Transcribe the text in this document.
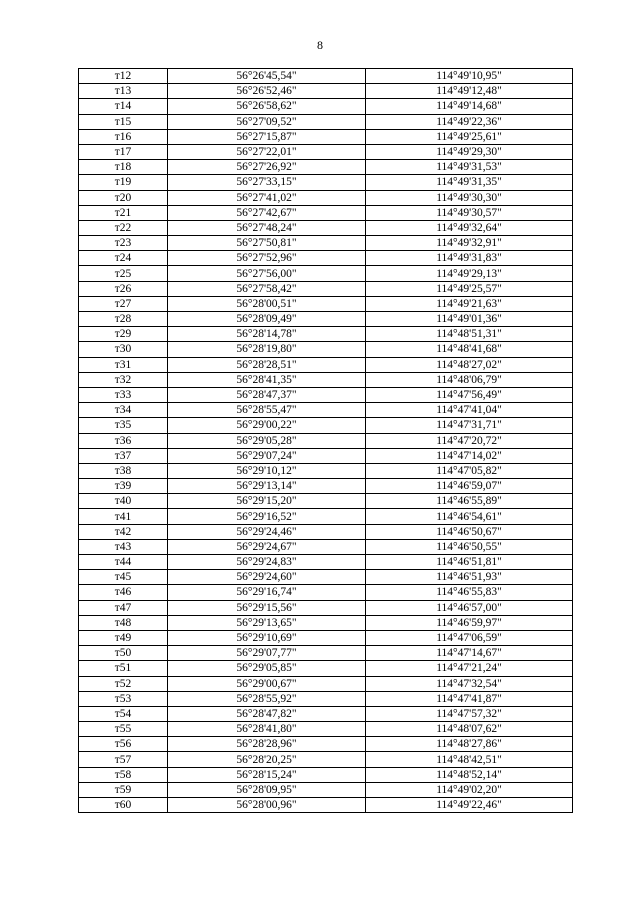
8
т12	56°26'45,54"	114°49'10,95"
т13	56°26'52,46"	114°49'12,48"
т14	56°26'58,62"	114°49'14,68"
т15	56°27'09,52"	114°49'22,36"
т16	56°27'15,87"	114°49'25,61"
т17	56°27'22,01"	114°49'29,30"
т18	56°27'26,92"	114°49'31,53"
т19	56°27'33,15"	114°49'31,35"
т20	56°27'41,02"	114°49'30,30"
т21	56°27'42,67"	114°49'30,57"
т22	56°27'48,24"	114°49'32,64"
т23	56°27'50,81"	114°49'32,91"
т24	56°27'52,96"	114°49'31,83"
т25	56°27'56,00"	114°49'29,13"
т26	56°27'58,42"	114°49'25,57"
т27	56°28'00,51"	114°49'21,63"
т28	56°28'09,49"	114°49'01,36"
т29	56°28'14,78"	114°48'51,31"
т30	56°28'19,80"	114°48'41,68"
т31	56°28'28,51"	114°48'27,02"
т32	56°28'41,35"	114°48'06,79"
т33	56°28'47,37"	114°47'56,49"
т34	56°28'55,47"	114°47'41,04"
т35	56°29'00,22"	114°47'31,71"
т36	56°29'05,28"	114°47'20,72"
т37	56°29'07,24"	114°47'14,02"
т38	56°29'10,12"	114°47'05,82"
т39	56°29'13,14"	114°46'59,07"
т40	56°29'15,20"	114°46'55,89"
т41	56°29'16,52"	114°46'54,61"
т42	56°29'24,46"	114°46'50,67"
т43	56°29'24,67"	114°46'50,55"
т44	56°29'24,83"	114°46'51,81"
т45	56°29'24,60"	114°46'51,93"
т46	56°29'16,74"	114°46'55,83"
т47	56°29'15,56"	114°46'57,00"
т48	56°29'13,65"	114°46'59,97"
т49	56°29'10,69"	114°47'06,59"
т50	56°29'07,77"	114°47'14,67"
т51	56°29'05,85"	114°47'21,24"
т52	56°29'00,67"	114°47'32,54"
т53	56°28'55,92"	114°47'41,87"
т54	56°28'47,82"	114°47'57,32"
т55	56°28'41,80"	114°48'07,62"
т56	56°28'28,96"	114°48'27,86"
т57	56°28'20,25"	114°48'42,51"
т58	56°28'15,24"	114°48'52,14"
т59	56°28'09,95"	114°49'02,20"
т60	56°28'00,96"	114°49'22,46"
